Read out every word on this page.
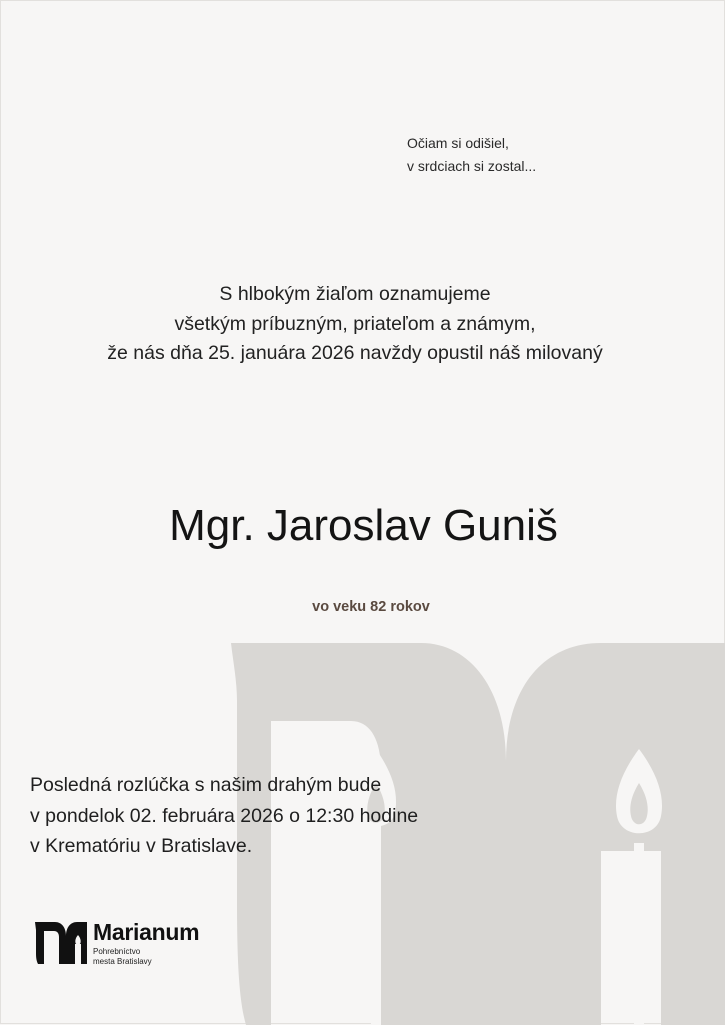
Očiam si odišiel,
v srdciach si zostal...
S hlbokým žiaľom oznamujeme
všetkým príbuzným, priateľom a známym,
že nás dňa 25. januára 2026 navždy opustil náš milovaný
Mgr. Jaroslav Guniš
vo veku 82 rokov
Posledná rozlúčka s našim drahým bude
v pondelok 02. februára 2026 o 12:30 hodine
v Krematóriu v Bratislave.
Marianum
Pohrebníctvo
mesta Bratislavy
